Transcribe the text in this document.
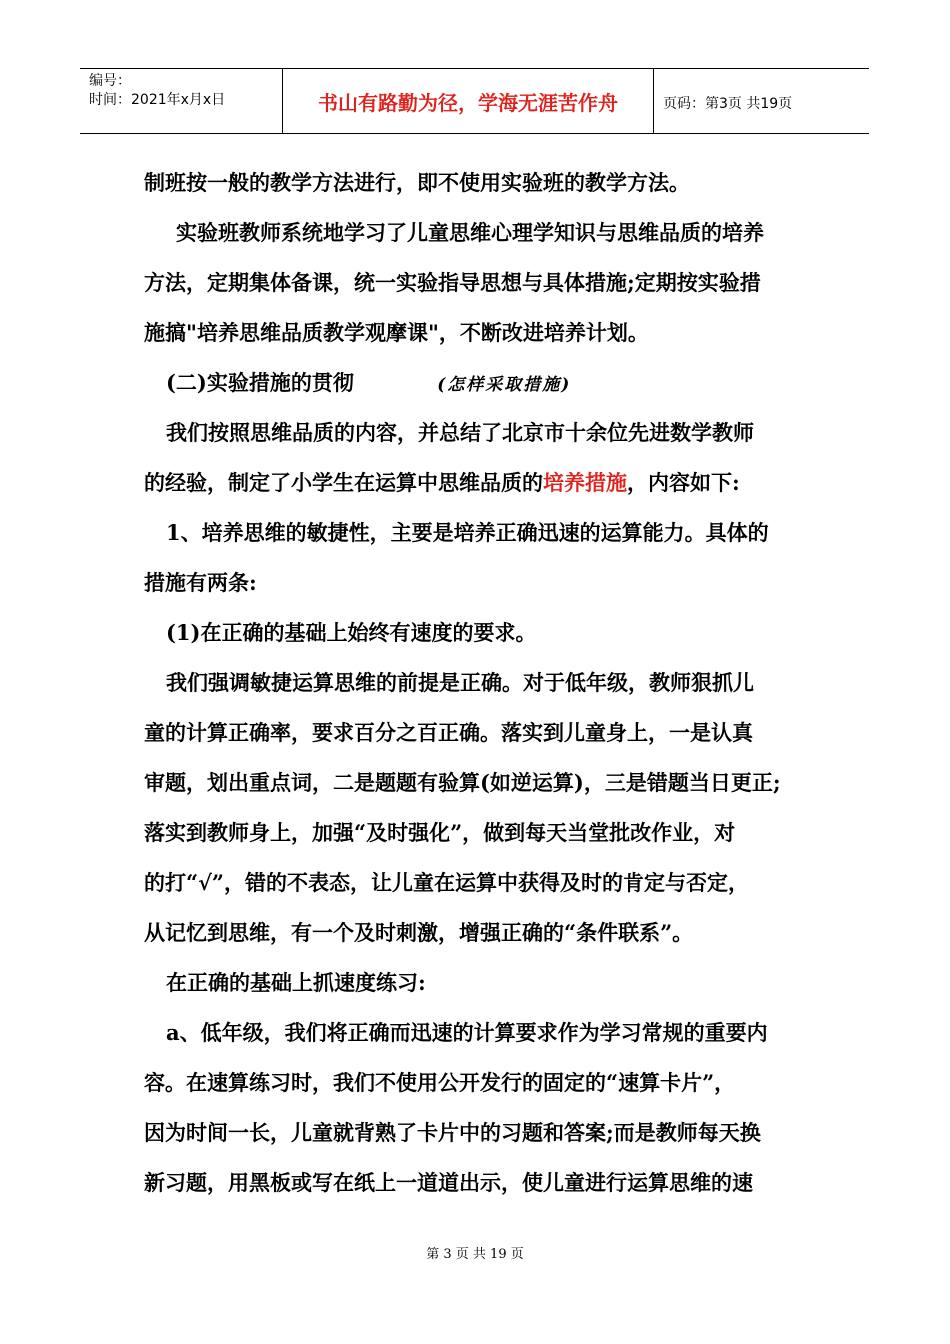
编号：
时间：2021年x月x日	书山有路勤为径，学海无涯苦作舟	页码：第3页 共19页
制班按一般的教学方法进行，即不使用实验班的教学方法。
实验班教师系统地学习了儿童思维心理学知识与思维品质的培养
方法，定期集体备课，统一实验指导思想与具体措施;定期按实验措
施搞"培养思维品质教学观摩课"，不断改进培养计划。
(二)实验措施的贯彻	(怎样采取措施)
我们按照思维品质的内容，并总结了北京市十余位先进数学教师
的经验，制定了小学生在运算中思维品质的培养措施，内容如下:
1、培养思维的敏捷性，主要是培养正确迅速的运算能力。具体的
措施有两条:
(1)在正确的基础上始终有速度的要求。
我们强调敏捷运算思维的前提是正确。对于低年级，教师狠抓儿
童的计算正确率，要求百分之百正确。落实到儿童身上，一是认真
审题，划出重点词，二是题题有验算(如逆运算)，三是错题当日更正;
落实到教师身上，加强“及时强化”，做到每天当堂批改作业，对
的打“√”，错的不表态，让儿童在运算中获得及时的肯定与否定，
从记忆到思维，有一个及时刺激，增强正确的“条件联系”。
在正确的基础上抓速度练习:
a、低年级，我们将正确而迅速的计算要求作为学习常规的重要内
容。在速算练习时，我们不使用公开发行的固定的“速算卡片”，
因为时间一长，儿童就背熟了卡片中的习题和答案;而是教师每天换
新习题，用黑板或写在纸上一道道出示，使儿童进行运算思维的速
第 3 页 共 19 页
